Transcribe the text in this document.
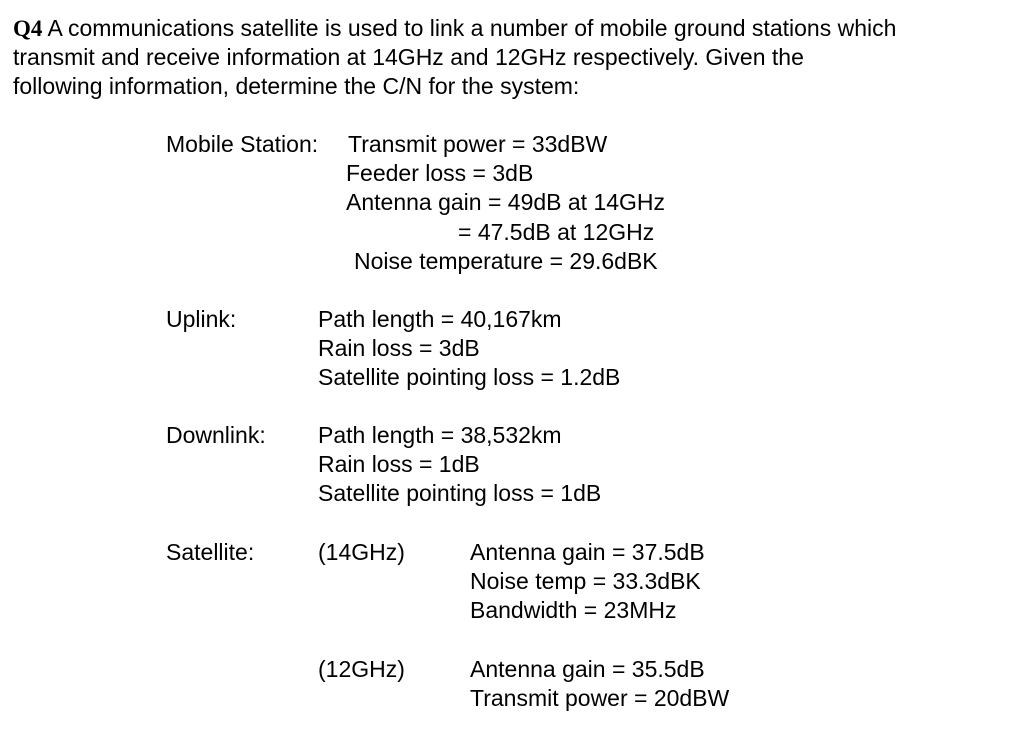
Q4 A communications satellite is used to link a number of mobile ground stations which
transmit and receive information at 14GHz and 12GHz respectively. Given the
following information, determine the C/N for the system:
Mobile Station: Transmit power = 33dBW
Feeder loss = 3dB
Antenna gain = 49dB at 14GHz
= 47.5dB at 12GHz
Noise temperature = 29.6dBK
Uplink:	Path length = 40,167km
Rain loss = 3dB
Satellite pointing loss = 1.2dB
Downlink: Path length = 38,532km
Rain loss = 1dB
Satellite pointing loss = 1dB
Satellite:	(14GHz)	Antenna gain = 37.5dB
Noise temp = 33.3dBK
Bandwidth = 23MHz
(12GHz)	Antenna gain = 35.5dB
Transmit power = 20dBW
